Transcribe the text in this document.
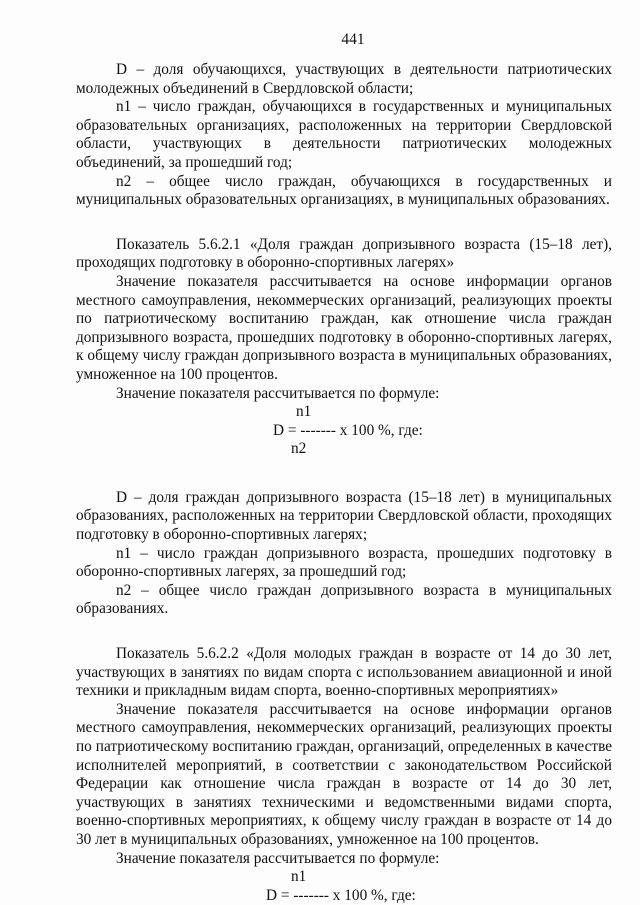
441

D – доля обучающихся, участвующих в деятельности патриотических молодежных объединений в Свердловской области;

n1 – число граждан, обучающихся в государственных и муниципальных образовательных организациях, расположенных на территории Свердловской области, участвующих в деятельности патриотических молодежных объединений, за прошедший год;

n2 – общее число граждан, обучающихся в государственных и муниципальных образовательных организациях, в муниципальных образованиях.

Показатель 5.6.2.1 «Доля граждан допризывного возраста (15–18 лет), проходящих подготовку в оборонно-спортивных лагерях»

Значение показателя рассчитывается на основе информации органов местного самоуправления, некоммерческих организаций, реализующих проекты по патриотическому воспитанию граждан, как отношение числа граждан допризывного возраста, прошедших подготовку в оборонно-спортивных лагерях, к общему числу граждан допризывного возраста в муниципальных образованиях, умноженное на 100 процентов.

Значение показателя рассчитывается по формуле:

n1
D = ------- x 100 %, где:
n2

D – доля граждан допризывного возраста (15–18 лет) в муниципальных образованиях, расположенных на территории Свердловской области, проходящих подготовку в оборонно-спортивных лагерях;

n1 – число граждан допризывного возраста, прошедших подготовку в оборонно-спортивных лагерях, за прошедший год;

n2 – общее число граждан допризывного возраста в муниципальных образованиях.

Показатель 5.6.2.2 «Доля молодых граждан в возрасте от 14 до 30 лет, участвующих в занятиях по видам спорта с использованием авиационной и иной техники и прикладным видам спорта, военно-спортивных мероприятиях»

Значение показателя рассчитывается на основе информации органов местного самоуправления, некоммерческих организаций, реализующих проекты по патриотическому воспитанию граждан, организаций, определенных в качестве исполнителей мероприятий, в соответствии с законодательством Российской Федерации как отношение числа граждан в возрасте от 14 до 30 лет, участвующих в занятиях техническими и ведомственными видами спорта, военно-спортивных мероприятиях, к общему числу граждан в возрасте от 14 до 30 лет в муниципальных образованиях, умноженное на 100 процентов.

Значение показателя рассчитывается по формуле:

n1
D = ------- x 100 %, где:
